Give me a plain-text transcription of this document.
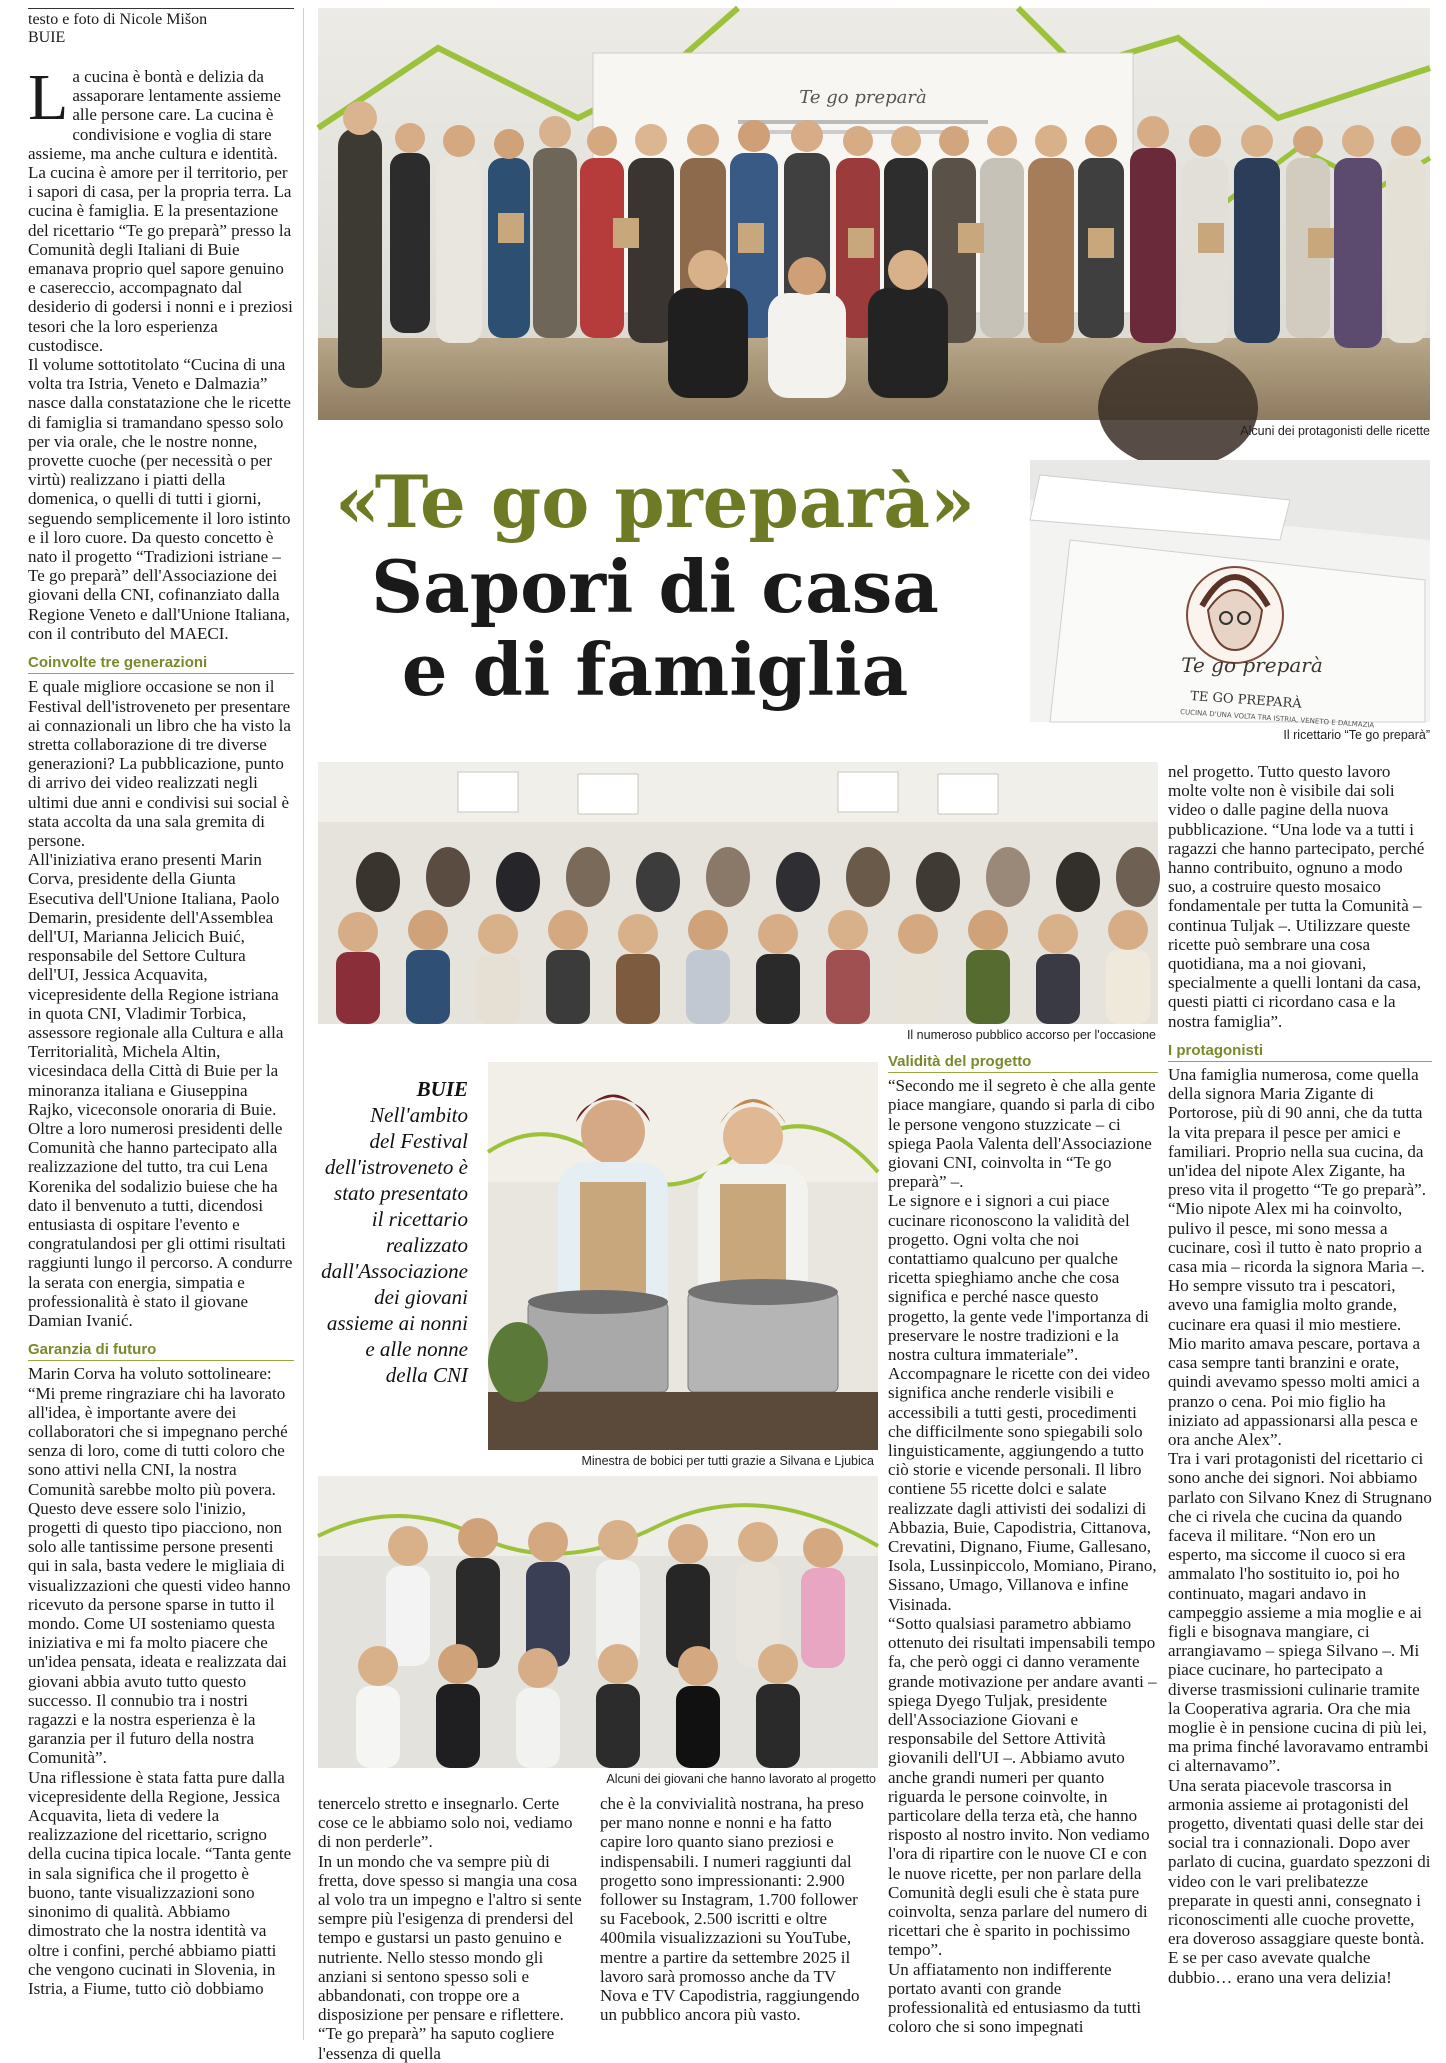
testo e foto di Nicole Mišon
BUIE

La cucina è bontà e delizia da assaporare lentamente assieme alle persone care. La cucina è condivisione e voglia di stare assieme, ma anche cultura e identità. La cucina è amore per il territorio, per i sapori di casa, per la propria terra. La cucina è famiglia. E la presentazione del ricettario “Te go preparà” presso la Comunità degli Italiani di Buie emanava proprio quel sapore genuino e casereccio, accompagnato dal desiderio di godersi i nonni e i preziosi tesori che la loro esperienza custodisce.

Il volume sottotitolato “Cucina di una volta tra Istria, Veneto e Dalmazia” nasce dalla constatazione che le ricette di famiglia si tramandano spesso solo per via orale, che le nostre nonne, provette cuoche (per necessità o per virtù) realizzano i piatti della domenica, o quelli di tutti i giorni, seguendo semplicemente il loro istinto e il loro cuore. Da questo concetto è nato il progetto “Tradizioni istriane – Te go preparà” dell'Associazione dei giovani della CNI, cofinanziato dalla Regione Veneto e dall'Unione Italiana, con il contributo del MAECI.

Coinvolte tre generazioni

E quale migliore occasione se non il Festival dell'istroveneto per presentare ai connazionali un libro che ha visto la stretta collaborazione di tre diverse generazioni? La pubblicazione, punto di arrivo dei video realizzati negli ultimi due anni e condivisi sui social è stata accolta da una sala gremita di persone.

All'iniziativa erano presenti Marin Corva, presidente della Giunta Esecutiva dell'Unione Italiana, Paolo Demarin, presidente dell'Assemblea dell'UI, Marianna Jelicich Buić, responsabile del Settore Cultura dell'UI, Jessica Acquavita, vicepresidente della Regione istriana in quota CNI, Vladimir Torbica, assessore regionale alla Cultura e alla Territorialità, Michela Altin, vicesindaca della Città di Buie per la minoranza italiana e Giuseppina Rajko, viceconsole onoraria di Buie. Oltre a loro numerosi presidenti delle Comunità che hanno partecipato alla realizzazione del tutto, tra cui Lena Korenika del sodalizio buiese che ha dato il benvenuto a tutti, dicendosi entusiasta di ospitare l'evento e congratulandosi per gli ottimi risultati raggiunti lungo il percorso. A condurre la serata con energia, simpatia e professionalità è stato il giovane Damian Ivanić.

Garanzia di futuro

Marin Corva ha voluto sottolineare: “Mi preme ringraziare chi ha lavorato all'idea, è importante avere dei collaboratori che si impegnano perché senza di loro, come di tutti coloro che sono attivi nella CNI, la nostra Comunità sarebbe molto più povera. Questo deve essere solo l'inizio, progetti di questo tipo piacciono, non solo alle tantissime persone presenti qui in sala, basta vedere le migliaia di visualizzazioni che questi video hanno ricevuto da persone sparse in tutto il mondo. Come UI sosteniamo questa iniziativa e mi fa molto piacere che un'idea pensata, ideata e realizzata dai giovani abbia avuto tutto questo successo. Il connubio tra i nostri ragazzi e la nostra esperienza è la garanzia per il futuro della nostra Comunità”.

Una riflessione è stata fatta pure dalla vicepresidente della Regione, Jessica Acquavita, lieta di vedere la realizzazione del ricettario, scrigno della cucina tipica locale. “Tanta gente in sala significa che il progetto è buono, tante visualizzazioni sono sinonimo di qualità. Abbiamo dimostrato che la nostra identità va oltre i confini, perché abbiamo piatti che vengono cucinati in Slovenia, in Istria, a Fiume, tutto ciò dobbiamo

Te go preparà
Alcuni dei protagonisti delle ricette
«Te go preparà»
Sapori di casa
e di famiglia	Te go preparà
TE GO PREPARÀ
CUCINA D'UNA VOLTA TRA ISTRIA, VENETO E DALMAZIA
Il ricettario “Te go preparà”
Il numeroso pubblico accorso per l'occasione

nel progetto. Tutto questo lavoro molte volte non è visibile dai soli video o dalle pagine della nuova pubblicazione. “Una lode va a tutti i ragazzi che hanno partecipato, perché hanno contribuito, ognuno a modo suo, a costruire questo mosaico fondamentale per tutta la Comunità – continua Tuljak –. Utilizzare queste ricette può sembrare una cosa quotidiana, ma a noi giovani, specialmente a quelli lontani da casa, questi piatti ci ricordano casa e la nostra famiglia”.

I protagonisti

Una famiglia numerosa, come quella della signora Maria Zigante di Portorose, più di 90 anni, che da tutta la vita prepara il pesce per amici e familiari. Proprio nella sua cucina, da un'idea del nipote Alex Zigante, ha preso vita il progetto “Te go preparà”. “Mio nipote Alex mi ha coinvolto, pulivo il pesce, mi sono messa a cucinare, così il tutto è nato proprio a casa mia – ricorda la signora Maria –. Ho sempre vissuto tra i pescatori, avevo una famiglia molto grande, cucinare era quasi il mio mestiere. Mio marito amava pescare, portava a casa sempre tanti branzini e orate, quindi avevamo spesso molti amici a pranzo o cena. Poi mio figlio ha iniziato ad appassionarsi alla pesca e ora anche Alex”.

Tra i vari protagonisti del ricettario ci sono anche dei signori. Noi abbiamo parlato con Silvano Knez di Strugnano che ci rivela che cucina da quando faceva il militare. “Non ero un esperto, ma siccome il cuoco si era ammalato l'ho sostituito io, poi ho continuato, magari andavo in campeggio assieme a mia moglie e ai figli e bisognava mangiare, ci arrangiavamo – spiega Silvano –. Mi piace cucinare, ho partecipato a diverse trasmissioni culinarie tramite la Cooperativa agraria. Ora che mia moglie è in pensione cucina di più lei, ma prima finché lavoravamo entrambi ci alternavamo”.

Una serata piacevole trascorsa in armonia assieme ai protagonisti del progetto, diventati quasi delle star dei social tra i connazionali. Dopo aver parlato di cucina, guardato spezzoni di video con le vari prelibatezze preparate in questi anni, consegnato i riconoscimenti alle cuoche provette, era doveroso assaggiare queste bontà. E se per caso avevate qualche dubbio… erano una vera delizia!

BUIE
Nell'ambito
del Festival
dell'istroveneto è
stato presentato
il ricettario
realizzato
dall'Associazione
dei giovani
assieme ai nonni
e alle nonne
della CNI
Minestra de bobici per tutti grazie a Silvana e Ljubica
Alcuni dei giovani che hanno lavorato al progetto

tenercelo stretto e insegnarlo. Certe cose ce le abbiamo solo noi, vediamo di non perderle”.

In un mondo che va sempre più di fretta, dove spesso si mangia una cosa al volo tra un impegno e l'altro si sente sempre più l'esigenza di prendersi del tempo e gustarsi un pasto genuino e nutriente. Nello stesso mondo gli anziani si sentono spesso soli e abbandonati, con troppe ore a disposizione per pensare e riflettere. “Te go preparà” ha saputo cogliere l'essenza di quella

che è la convivialità nostrana, ha preso per mano nonne e nonni e ha fatto capire loro quanto siano preziosi e indispensabili. I numeri raggiunti dal progetto sono impressionanti: 2.900 follower su Instagram, 1.700 follower su Facebook, 2.500 iscritti e oltre 400mila visualizzazioni su YouTube, mentre a partire da settembre 2025 il lavoro sarà promosso anche da TV Nova e TV Capodistria, raggiungendo un pubblico ancora più vasto.

Validità del progetto

“Secondo me il segreto è che alla gente piace mangiare, quando si parla di cibo le persone vengono stuzzicate – ci spiega Paola Valenta dell'Associazione giovani CNI, coinvolta in “Te go preparà” –.

Le signore e i signori a cui piace cucinare riconoscono la validità del progetto. Ogni volta che noi contattiamo qualcuno per qualche ricetta spieghiamo anche che cosa significa e perché nasce questo progetto, la gente vede l'importanza di preservare le nostre tradizioni e la nostra cultura immateriale”.

Accompagnare le ricette con dei video significa anche renderle visibili e accessibili a tutti gesti, procedimenti che difficilmente sono spiegabili solo linguisticamente, aggiungendo a tutto ciò storie e vicende personali. Il libro contiene 55 ricette dolci e salate realizzate dagli attivisti dei sodalizi di Abbazia, Buie, Capodistria, Cittanova, Crevatini, Dignano, Fiume, Gallesano, Isola, Lussinpiccolo, Momiano, Pirano, Sissano, Umago, Villanova e infine Visinada.

“Sotto qualsiasi parametro abbiamo ottenuto dei risultati impensabili tempo fa, che però oggi ci danno veramente grande motivazione per andare avanti – spiega Dyego Tuljak, presidente dell'Associazione Giovani e responsabile del Settore Attività giovanili dell'UI –. Abbiamo avuto anche grandi numeri per quanto riguarda le persone coinvolte, in particolare della terza età, che hanno risposto al nostro invito. Non vediamo l'ora di ripartire con le nuove CI e con le nuove ricette, per non parlare della Comunità degli esuli che è stata pure coinvolta, senza parlare del numero di ricettari che è sparito in pochissimo tempo”.

Un affiatamento non indifferente portato avanti con grande professionalità ed entusiasmo da tutti coloro che si sono impegnati
